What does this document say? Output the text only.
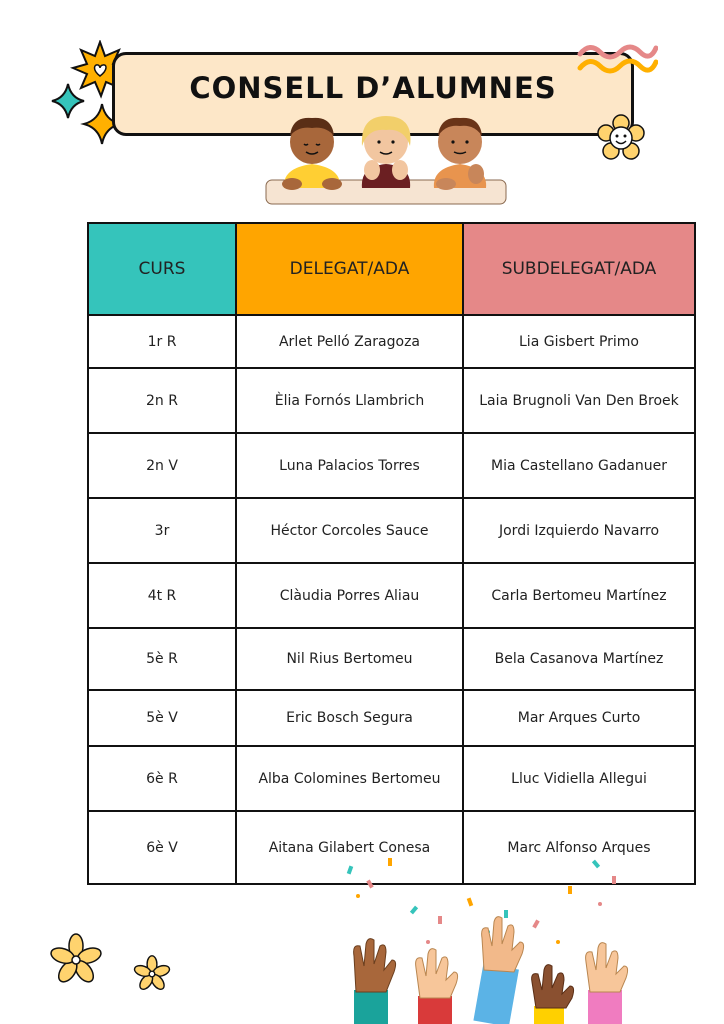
CONSELL D’ALUMNES
CURS	DELEGAT/ADA	SUBDELEGAT/ADA
1r R	Arlet Pelló Zaragoza	Lia Gisbert Primo
2n R	Èlia Fornós Llambrich	Laia Brugnoli Van Den Broek
2n V	Luna Palacios Torres	Mia Castellano Gadanuer
3r	Héctor Corcoles Sauce	Jordi Izquierdo Navarro
4t R	Clàudia Porres Aliau	Carla Bertomeu Martínez
5è R	Nil Rius Bertomeu	Bela Casanova Martínez
5è V	Eric Bosch Segura	Mar Arques Curto
6è R	Alba Colomines Bertomeu	Lluc Vidiella Allegui
6è V	Aitana Gilabert Conesa	Marc Alfonso Arques
